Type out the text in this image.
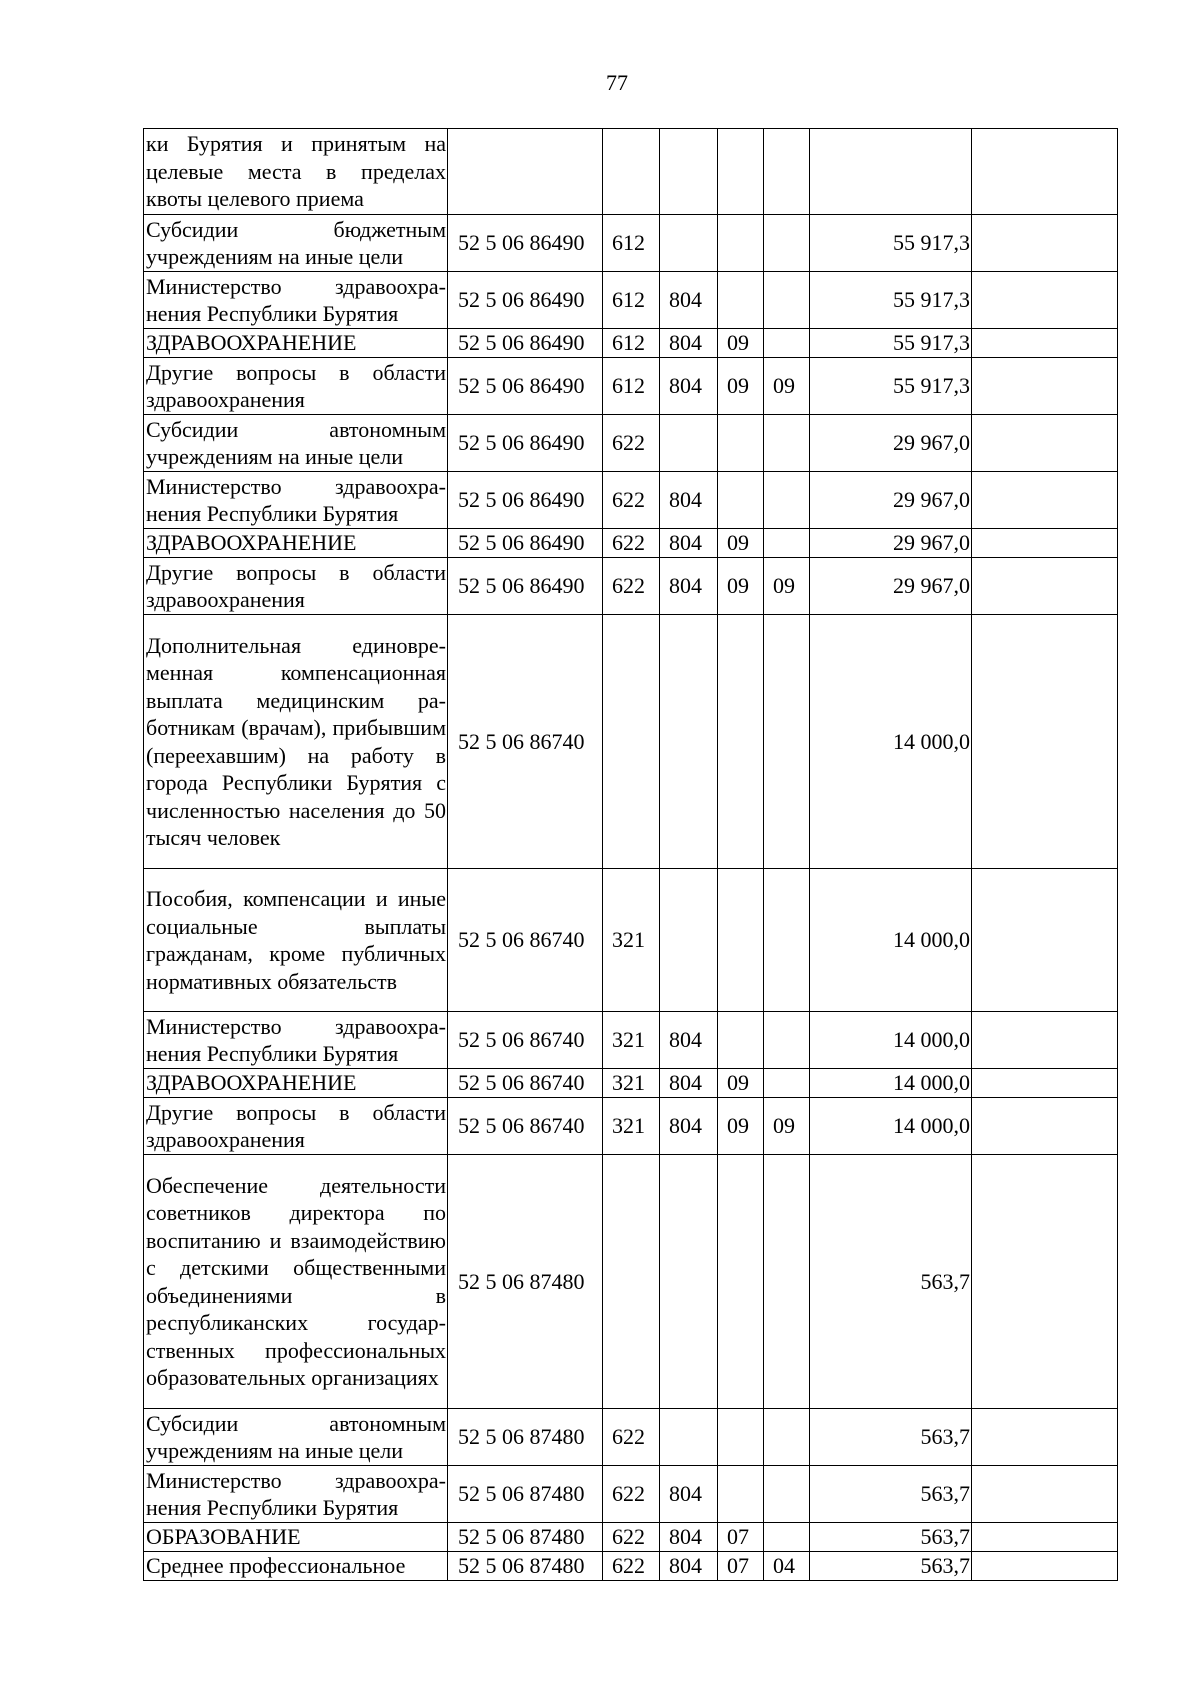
77
ки Бурятия и принятым на целевые места в пределах квоты целевого приема							
Субсидии бюджетным учреждениям на иные цели	52 5 06 86490	612				55 917,3	
Министерство здравоохранения Республики Бурятия	52 5 06 86490	612	804			55 917,3	
ЗДРАВООХРАНЕНИЕ	52 5 06 86490	612	804	09		55 917,3	
Другие вопросы в области здравоохранения	52 5 06 86490	612	804	09	09	55 917,3	
Субсидии автономным учреждениям на иные цели	52 5 06 86490	622				29 967,0	
Министерство здравоохранения Республики Бурятия	52 5 06 86490	622	804			29 967,0	
ЗДРАВООХРАНЕНИЕ	52 5 06 86490	622	804	09		29 967,0	
Другие вопросы в области здравоохранения	52 5 06 86490	622	804	09	09	29 967,0	
Дополнительная единовременная компенсационная выплата медицинским работникам (врачам), прибывшим (переехавшим) на работу в города Республики Бурятия с численностью населения до 50 тысяч человек	52 5 06 86740					14 000,0	
Пособия, компенсации и иные социальные выплаты гражданам, кроме публичных нормативных обязательств	52 5 06 86740	321				14 000,0	
Министерство здравоохранения Республики Бурятия	52 5 06 86740	321	804			14 000,0	
ЗДРАВООХРАНЕНИЕ	52 5 06 86740	321	804	09		14 000,0	
Другие вопросы в области здравоохранения	52 5 06 86740	321	804	09	09	14 000,0	
Обеспечение деятельности советников директора по воспитанию и взаимодействию с детскими общественными объединениями в республиканских государственных профессиональных образовательных организациях	52 5 06 87480					563,7	
Субсидии автономным учреждениям на иные цели	52 5 06 87480	622				563,7	
Министерство здравоохранения Республики Бурятия	52 5 06 87480	622	804			563,7	
ОБРАЗОВАНИЕ	52 5 06 87480	622	804	07		563,7	
Среднее профессиональное	52 5 06 87480	622	804	07	04	563,7	
